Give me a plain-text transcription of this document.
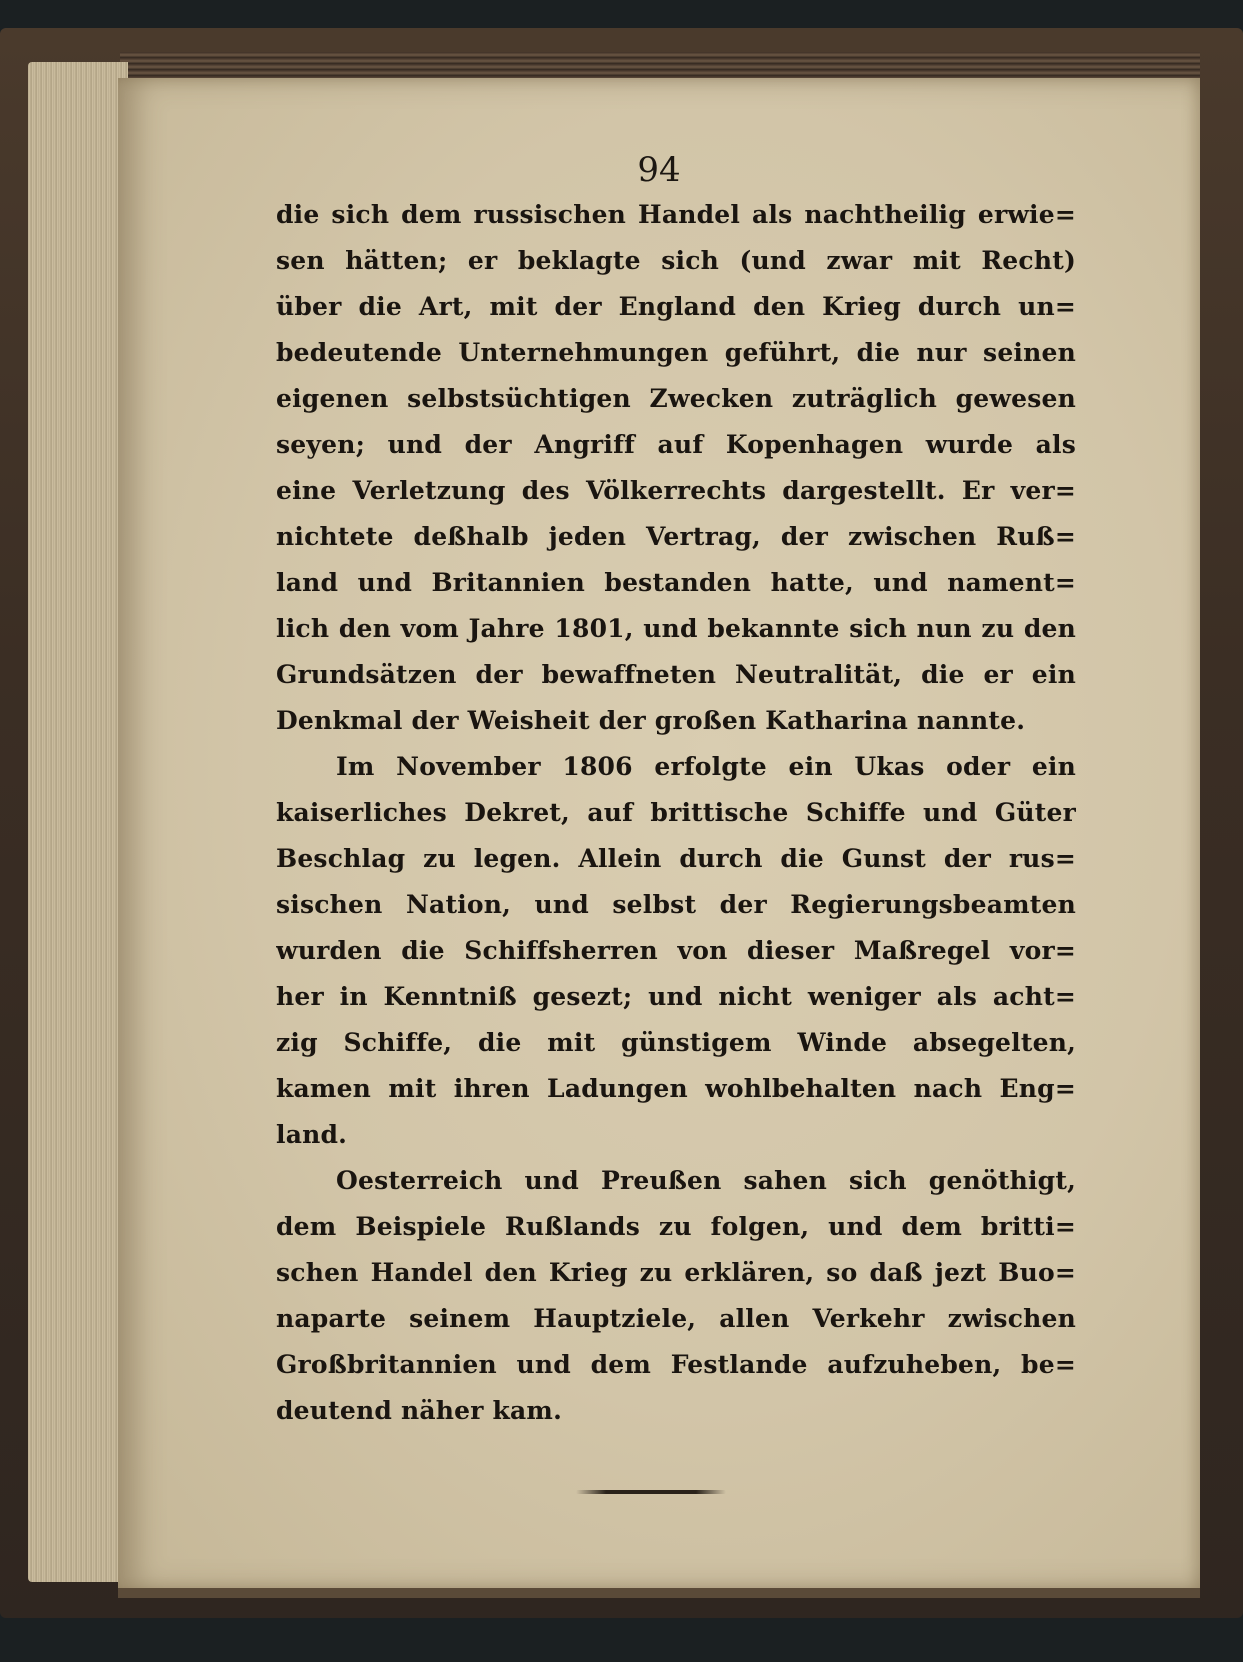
94
die sich dem russischen Handel als nachtheilig erwie=
sen hätten; er beklagte sich (und zwar mit Recht)
über die Art, mit der England den Krieg durch un=
bedeutende Unternehmungen geführt, die nur seinen
eigenen selbstsüchtigen Zwecken zuträglich gewesen
seyen; und der Angriff auf Kopenhagen wurde als
eine Verletzung des Völkerrechts dargestellt. Er ver=
nichtete deßhalb jeden Vertrag, der zwischen Ruß=
land und Britannien bestanden hatte, und nament=
lich den vom Jahre 1801, und bekannte sich nun zu den
Grundsätzen der bewaffneten Neutralität, die er ein
Denkmal der Weisheit der großen Katharina nannte.
Im November 1806 erfolgte ein Ukas oder ein
kaiserliches Dekret, auf brittische Schiffe und Güter
Beschlag zu legen. Allein durch die Gunst der rus=
sischen Nation, und selbst der Regierungsbeamten
wurden die Schiffsherren von dieser Maßregel vor=
her in Kenntniß gesezt; und nicht weniger als acht=
zig Schiffe, die mit günstigem Winde absegelten,
kamen mit ihren Ladungen wohlbehalten nach Eng=
land.
Oesterreich und Preußen sahen sich genöthigt,
dem Beispiele Rußlands zu folgen, und dem britti=
schen Handel den Krieg zu erklären, so daß jezt Buo=
naparte seinem Hauptziele, allen Verkehr zwischen
Großbritannien und dem Festlande aufzuheben, be=
deutend näher kam.
